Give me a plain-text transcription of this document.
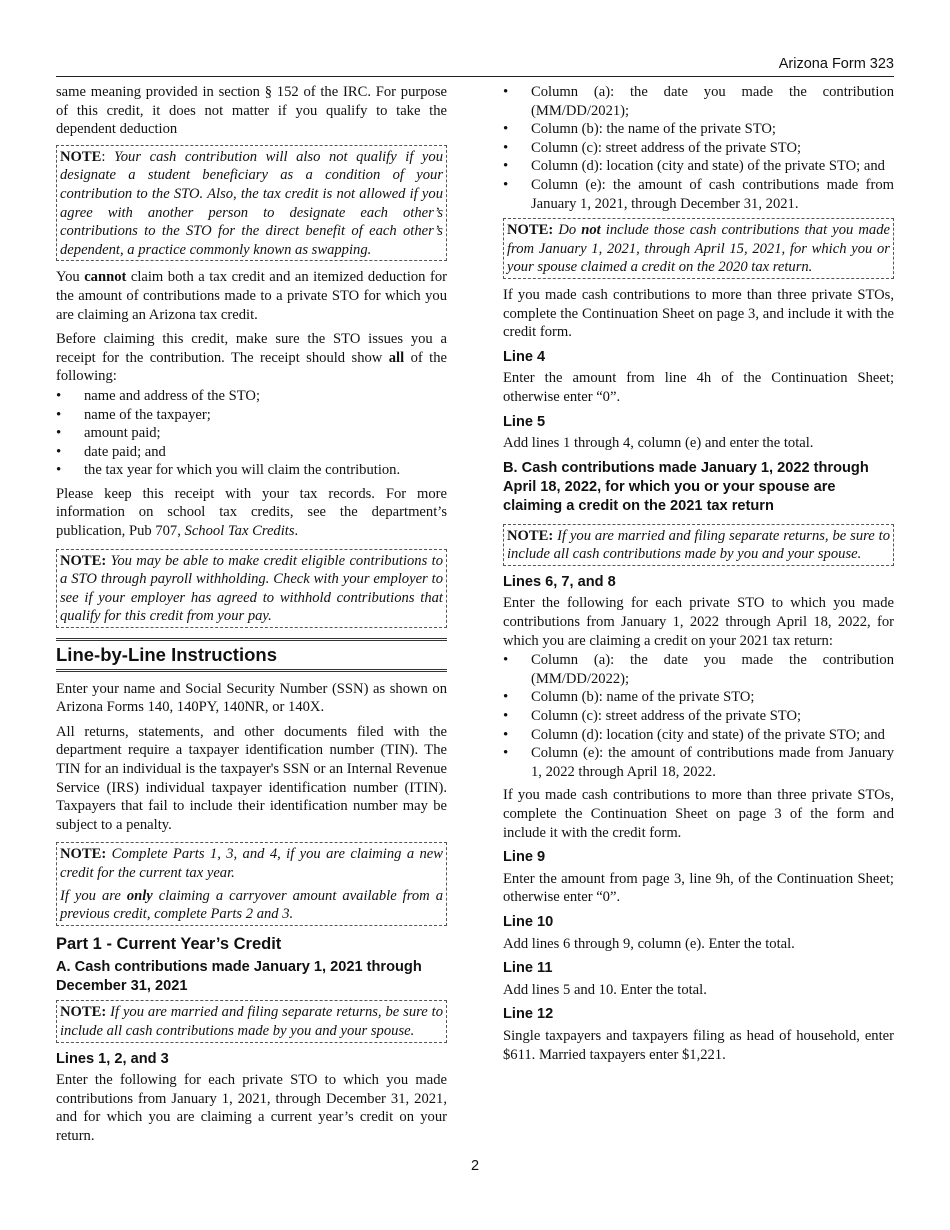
Arizona Form 323

same meaning provided in section § 152 of the IRC. For purpose of this credit, it does not matter if you qualify to take the dependent deduction

NOTE: Your cash contribution will also not qualify if you designate a student beneficiary as a condition of your contribution to the STO. Also, the tax credit is not allowed if you agree with another person to designate each other’s contributions to the STO for the direct benefit of each other’s dependent, a practice commonly known as swapping.

You cannot claim both a tax credit and an itemized deduction for the amount of contributions made to a private STO for which you are claiming an Arizona tax credit.

Before claiming this credit, make sure the STO issues you a receipt for the contribution. The receipt should show all of the following:

• name and address of the STO;
• name of the taxpayer;
• amount paid;
• date paid; and
• the tax year for which you will claim the contribution.

Please keep this receipt with your tax records. For more information on school tax credits, see the department’s publication, Pub 707, School Tax Credits.

NOTE: You may be able to make credit eligible contributions to a STO through payroll withholding. Check with your employer to see if your employer has agreed to withhold contributions that qualify for this credit from your pay.
Line-by-Line Instructions

Enter your name and Social Security Number (SSN) as shown on Arizona Forms 140, 140PY, 140NR, or 140X.

All returns, statements, and other documents filed with the department require a taxpayer identification number (TIN). The TIN for an individual is the taxpayer's SSN or an Internal Revenue Service (IRS) individual taxpayer identification number (ITIN). Taxpayers that fail to include their identification number may be subject to a penalty.

NOTE: Complete Parts 1, 3, and 4, if you are claiming a new credit for the current tax year.

If you are only claiming a carryover amount available from a previous credit, complete Parts 2 and 3.

Part 1 - Current Year’s Credit
A. Cash contributions made January 1, 2021 through December 31, 2021
NOTE: If you are married and filing separate returns, be sure to include all cash contributions made by you and your spouse.
Lines 1, 2, and 3

Enter the following for each private STO to which you made contributions from January 1, 2021, through December 31, 2021, and for which you are claiming a current year’s credit on your return.

• Column (a): the date you made the contribution (MM/DD/2021);
• Column (b): the name of the private STO;
• Column (c): street address of the private STO;
• Column (d): location (city and state) of the private STO; and
• Column (e): the amount of cash contributions made from January 1, 2021, through December 31, 2021.
NOTE: Do not include those cash contributions that you made from January 1, 2021, through April 15, 2021, for which you or your spouse claimed a credit on the 2020 tax return.

If you made cash contributions to more than three private STOs, complete the Continuation Sheet on page 3, and include it with the credit form.

Line 4

Enter the amount from line 4h of the Continuation Sheet; otherwise enter “0”.

Line 5

Add lines 1 through 4, column (e) and enter the total.

B. Cash contributions made January 1, 2022 through April 18, 2022, for which you or your spouse are claiming a credit on the 2021 tax return
NOTE: If you are married and filing separate returns, be sure to include all cash contributions made by you and your spouse.
Lines 6, 7, and 8

Enter the following for each private STO to which you made contributions from January 1, 2022 through April 18, 2022, for which you are claiming a credit on your 2021 tax return:

• Column (a): the date you made the contribution (MM/DD/2022);
• Column (b): name of the private STO;
• Column (c): street address of the private STO;
• Column (d): location (city and state) of the private STO; and
• Column (e): the amount of contributions made from January 1, 2022 through April 18, 2022.

If you made cash contributions to more than three private STOs, complete the Continuation Sheet on page 3 of the form and include it with the credit form.

Line 9

Enter the amount from page 3, line 9h, of the Continuation Sheet; otherwise enter “0”.

Line 10

Add lines 6 through 9, column (e). Enter the total.

Line 11

Add lines 5 and 10. Enter the total.

Line 12

Single taxpayers and taxpayers filing as head of household, enter $611. Married taxpayers enter $1,221.

2
